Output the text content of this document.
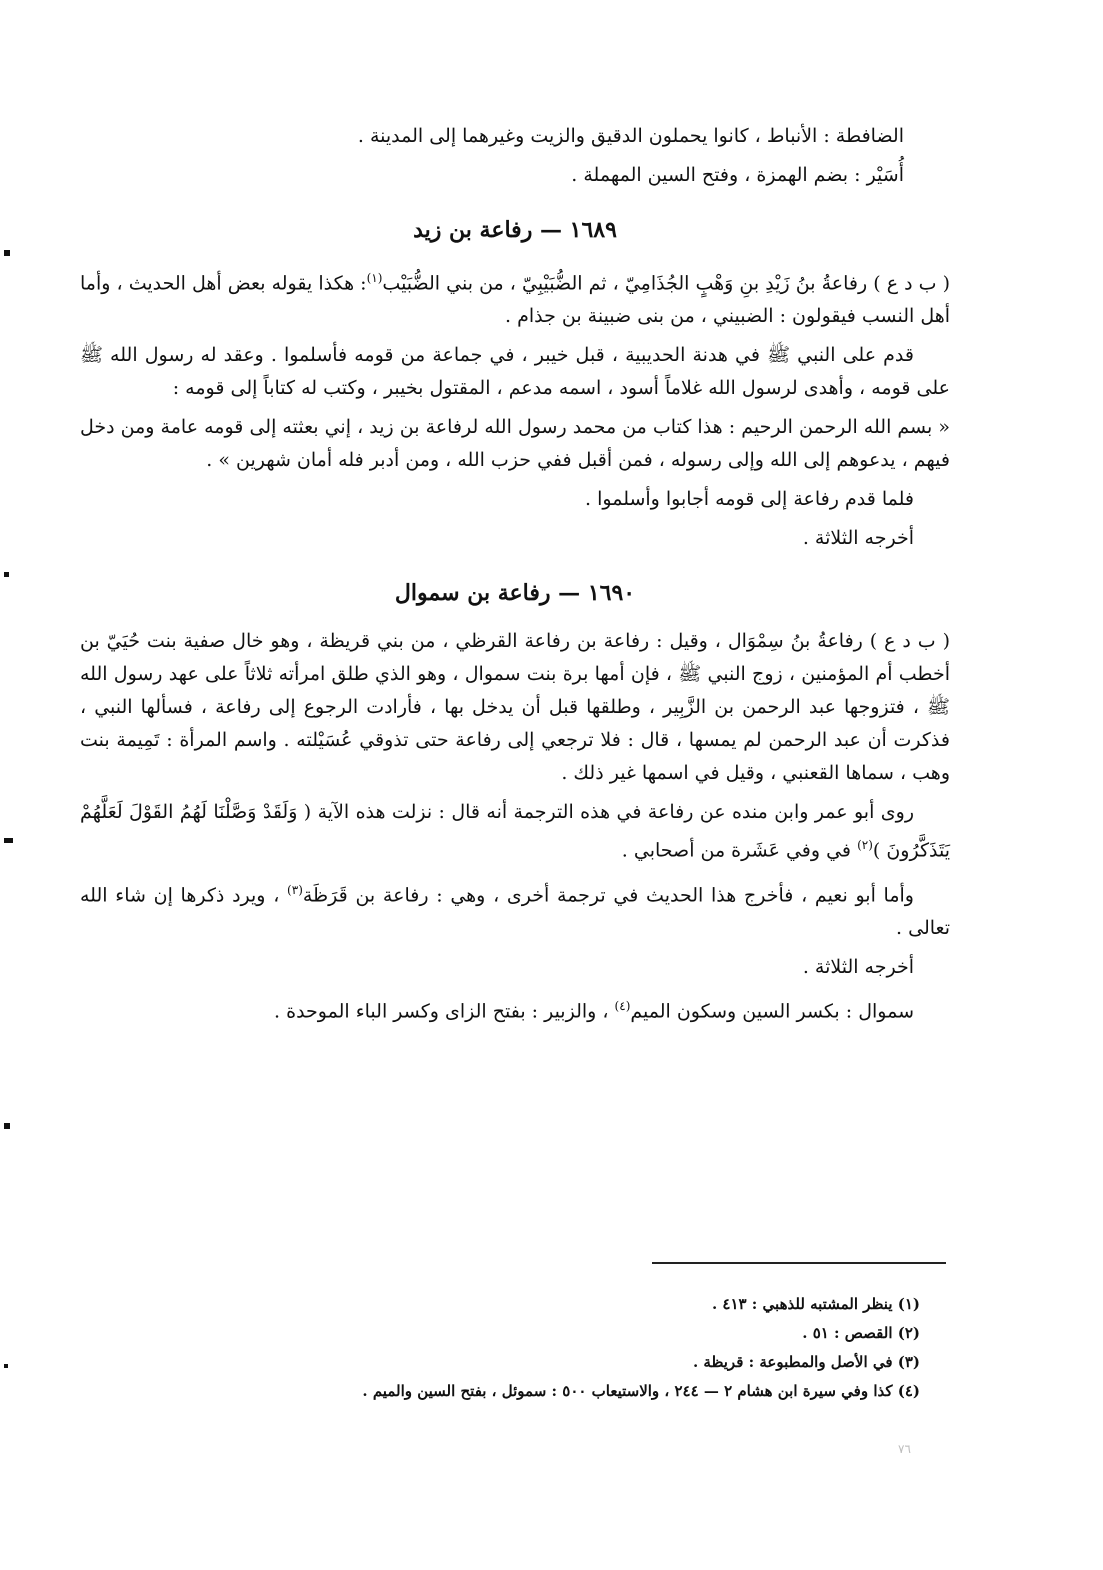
الضافطة : الأنباط ، كانوا يحملون الدقيق والزيت وغيرهما إلى المدينة .

أُسَيْر : بضم الهمزة ، وفتح السين المهملة .

١٦٨٩ — رفاعة بن زيد

( ب د ع ) رفاعةُ بنُ زَيْدِ بنِ وَهْبٍ الجُذَامِيّ ، ثم الضُّبَيْبِيّ ، من بني الضُّبَيْب$^{(١)}$: هكذا يقوله بعض أهل الحديث ، وأما أهل النسب فيقولون : الضبيني ، من بنى ضبينة بن جذام .

قدم على النبي ﷺ في هدنة الحديبية ، قبل خيبر ، في جماعة من قومه فأسلموا . وعقد له رسول الله ﷺ على قومه ، وأهدى لرسول الله غلاماً أسود ، اسمه مدعم ، المقتول بخيبر ، وكتب له كتاباً إلى قومه :

« بسم الله الرحمن الرحيم : هذا كتاب من محمد رسول الله لرفاعة بن زيد ، إني بعثته إلى قومه عامة ومن دخل فيهم ، يدعوهم إلى الله وإلى رسوله ، فمن أقبل ففي حزب الله ، ومن أدبر فله أمان شهرين » .

فلما قدم رفاعة إلى قومه أجابوا وأسلموا .

أخرجه الثلاثة .

١٦٩٠ — رفاعة بن سموال

( ب د ع ) رفاعةُ بنُ سِمْوَال ، وقيل : رفاعة بن رفاعة القرظي ، من بني قريظة ، وهو خال صفية بنت حُيَيّ بن أخطب أم المؤمنين ، زوج النبي ﷺ ، فإن أمها برة بنت سموال ، وهو الذي طلق امرأته ثلاثاً على عهد رسول الله ﷺ ، فتزوجها عبد الرحمن بن الزَّبِير ، وطلقها قبل أن يدخل بها ، فأرادت الرجوع إلى رفاعة ، فسألها النبي ، فذكرت أن عبد الرحمن لم يمسها ، قال : فلا ترجعي إلى رفاعة حتى تذوقي عُسَيْلته . واسم المرأة : تَمِيمة بنت وهب ، سماها القعنبي ، وقيل في اسمها غير ذلك .

روى أبو عمر وابن منده عن رفاعة في هذه الترجمة أنه قال : نزلت هذه الآية ( وَلَقَدْ وَصَّلْنَا لَهُمُ القَوْلَ لَعَلَّهُمْ يَتَذَكَّرُونَ )$^{(٢)}$ في وفي عَشَرة من أصحابي .

وأما أبو نعيم ، فأخرج هذا الحديث في ترجمة أخرى ، وهي : رفاعة بن قَرَظَة$^{(٣)}$ ، ويرد ذكرها إن شاء الله تعالى .

أخرجه الثلاثة .

سموال : بكسر السين وسكون الميم$^{(٤)}$ ، والزبير : بفتح الزاى وكسر الباء الموحدة .

(١) ينظر المشتبه للذهبي : ٤١٣ .

(٢) القصص : ٥١ .

(٣) في الأصل والمطبوعة : قريظة .

(٤) كذا وفي سيرة ابن هشام ٢ — ٢٤٤ ، والاستيعاب ٥٠٠ : سموئل ، بفتح السين والميم .

٧٦
